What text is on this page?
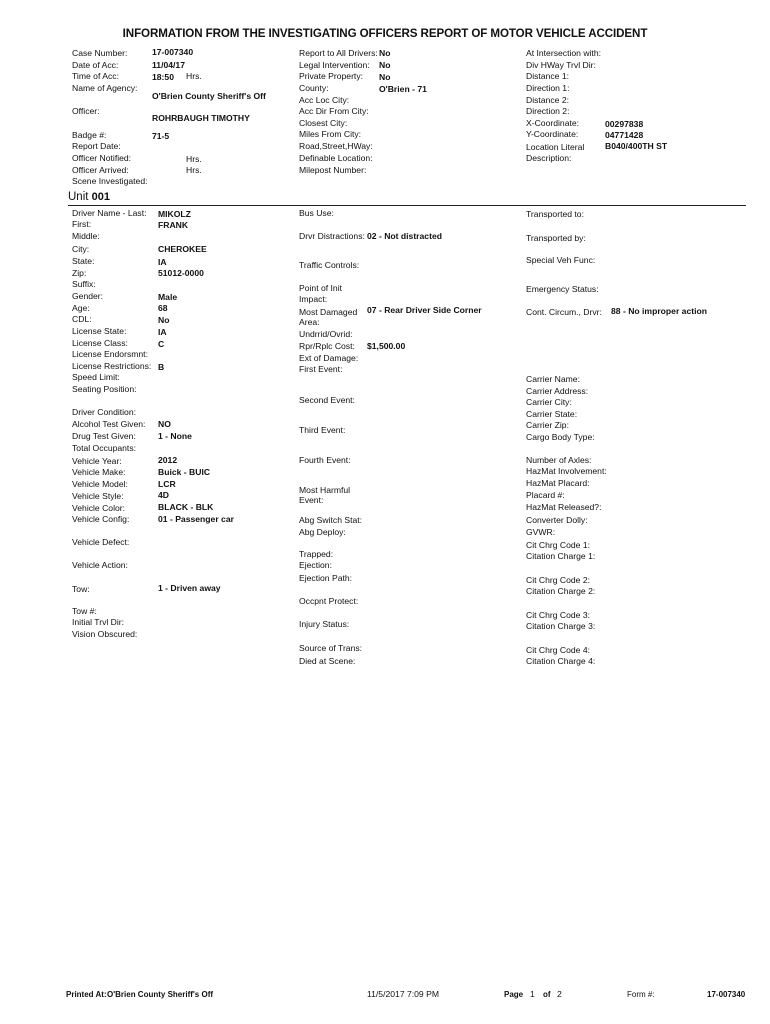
INFORMATION FROM THE INVESTIGATING OFFICERS REPORT OF MOTOR VEHICLE ACCIDENT
Case Number:	17-007340
Date of Acc:	11/04/17
Time of Acc:	18:50 Hrs.
Name of Agency:
O'Brien County Sheriff's Off
Officer:
ROHRBAUGH TIMOTHY
Badge #:	71-5
Report Date:
Officer Notified:	Hrs.
Officer Arrived:	Hrs.
Scene Investigated:
Report to All Drivers: No
Legal Intervention: No
Private Property: No
County:	O'Brien - 71
Acc Loc City:
Acc Dir From City:
Closest City:
Miles From City:
Road,Street,HWay:
Definable Location:
Milepost Number:
At Intersection with:
Div HWay Trvl Dir:
Distance 1:
Direction 1:
Distance 2:
Direction 2:
X-Coordinate:	00297838
Y-Coordinate:	04771428
Location Literal B040/400TH ST
Description:
Unit 001
Driver Name - Last: MIKOLZ
First:	FRANK
Middle:
City:	CHEROKEE
State:	IA
Zip:	51012-0000
Suffix:
Gender:	Male
Age:	68
CDL:	No
License State:	IA
License Class:	C
License Endorsmnt:
License Restrictions: B
Speed Limit:
Seating Position:
Driver Condition:
Alcohol Test Given: NO
Drug Test Given:	1 - None
Total Occupants:
Vehicle Year:	2012
Vehicle Make:	Buick - BUIC
Vehicle Model:	LCR
Vehicle Style:	4D
Vehicle Color:	BLACK - BLK
Vehicle Config:	01 - Passenger car
Vehicle Defect:
Vehicle Action:
Tow:	1 - Driven away
Tow #:
Initial Trvl Dir:
Vision Obscured:
Bus Use:
Drvr Distractions: 02 - Not distracted
Traffic Controls:
Point of Init
Impact:
Most Damaged 07 - Rear Driver Side Corner
Area:
Undrrid/Ovrid:
Rpr/Rplc Cost: $1,500.00
Ext of Damage:
First Event:
Second Event:
Third Event:
Fourth Event:
Most Harmful
Event:
Abg Switch Stat:
Abg Deploy:
Trapped:
Ejection:
Ejection Path:
Occpnt Protect:
Injury Status:
Source of Trans:
Died at Scene:
Transported to:
Transported by:
Special Veh Func:
Emergency Status:
Cont. Circum., Drvr: 88 - No improper action
Carrier Name:
Carrier Address:
Carrier City:
Carrier State:
Carrier Zip:
Cargo Body Type:
Number of Axles:
HazMat Involvement:
HazMat Placard:
Placard #:
HazMat Released?:
Converter Dolly:
GVWR:
Cit Chrg Code 1:
Citation Charge 1:
Cit Chrg Code 2:
Citation Charge 2:
Cit Chrg Code 3:
Citation Charge 3:
Cit Chrg Code 4:
Citation Charge 4:
Printed At: O'Brien County Sheriff's Off	11/5/2017 7:09 PM	Page 1 of 2	Form #:	17-007340
